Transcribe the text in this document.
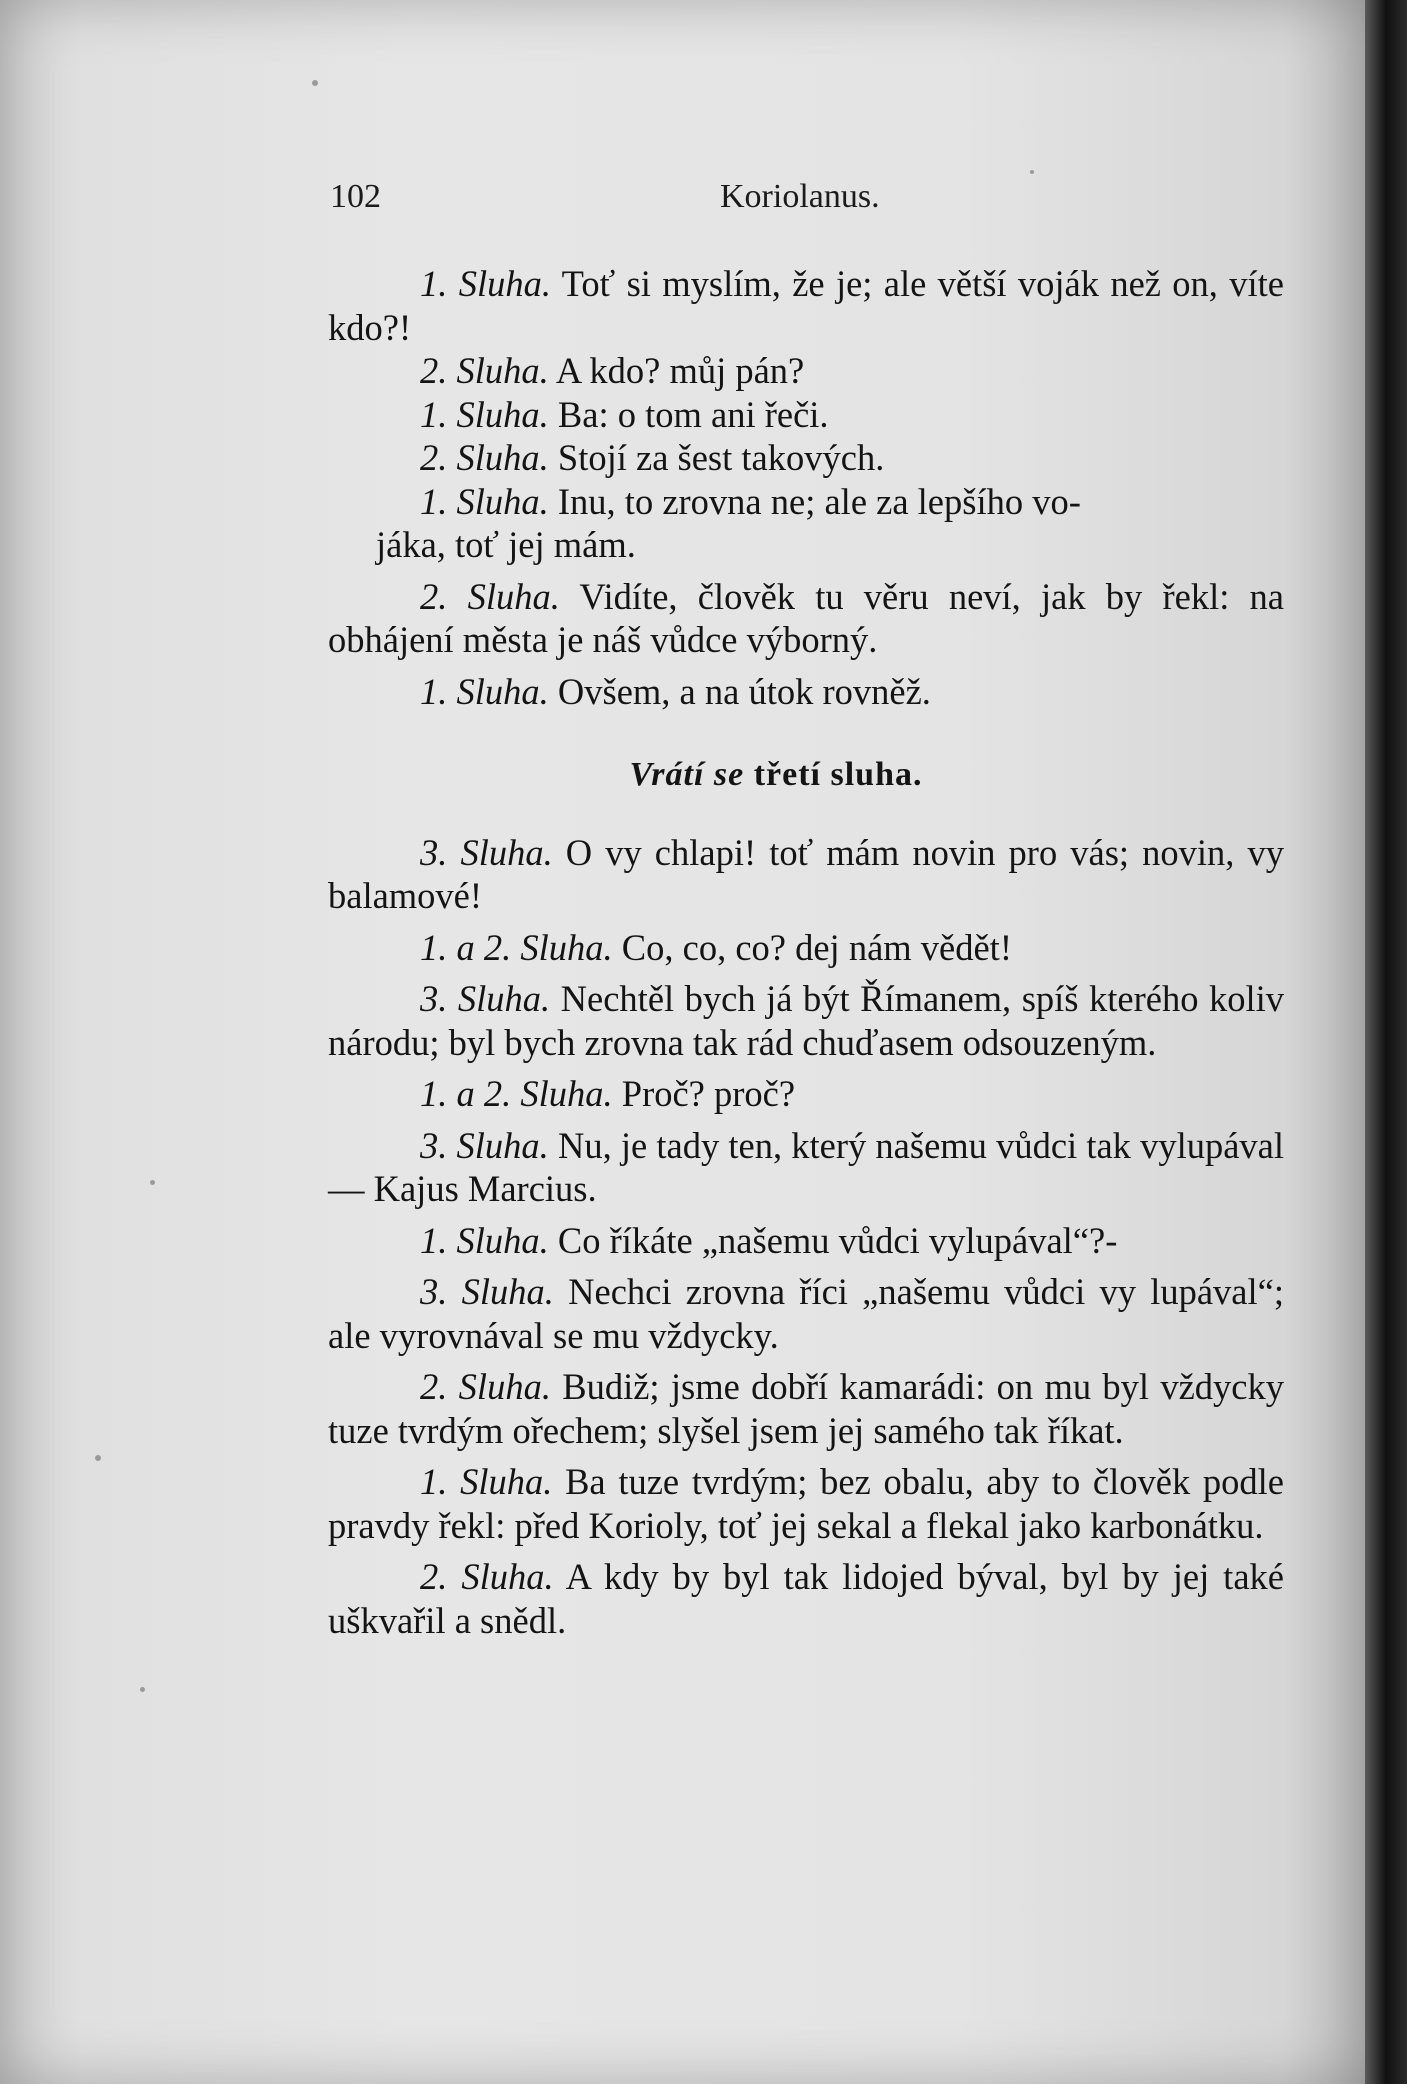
102	Koriolanus.

1. Sluha. Toť si myslím, že je; ale větší voják než on, víte kdo?!

2. Sluha. A kdo? můj pán?

1. Sluha. Ba: o tom ani řeči.

2. Sluha. Stojí za šest takových.

1. Sluha. Inu, to zrovna ne; ale za lepšího vo-

jáka, toť jej mám.

2. Sluha. Vidíte, člověk tu věru neví, jak by řekl: na obhájení města je náš vůdce výborný.

1. Sluha. Ovšem, a na útok rovněž.

Vrátí se třetí sluha.

3. Sluha. O vy chlapi! toť mám novin pro vás; novin, vy balamové!

1. a 2. Sluha. Co, co, co? dej nám vědět!

3. Sluha. Nechtěl bych já být Římanem, spíš kterého koliv národu; byl bych zrovna tak rád chuďasem odsouzeným.

1. a 2. Sluha. Proč? proč?

3. Sluha. Nu, je tady ten, který našemu vůdci tak vylupával — Kajus Marcius.

1. Sluha. Co říkáte „našemu vůdci vylupával“?-

3. Sluha. Nechci zrovna říci „našemu vůdci vy lupával“; ale vyrovnával se mu vždycky.

2. Sluha. Budiž; jsme dobří kamarádi: on mu byl vždycky tuze tvrdým ořechem; slyšel jsem jej samého tak říkat.

1. Sluha. Ba tuze tvrdým; bez obalu, aby to člověk podle pravdy řekl: před Korioly, toť jej sekal a flekal jako karbonátku.

2. Sluha. A kdy by byl tak lidojed býval, byl by jej také uškvařil a snědl.
